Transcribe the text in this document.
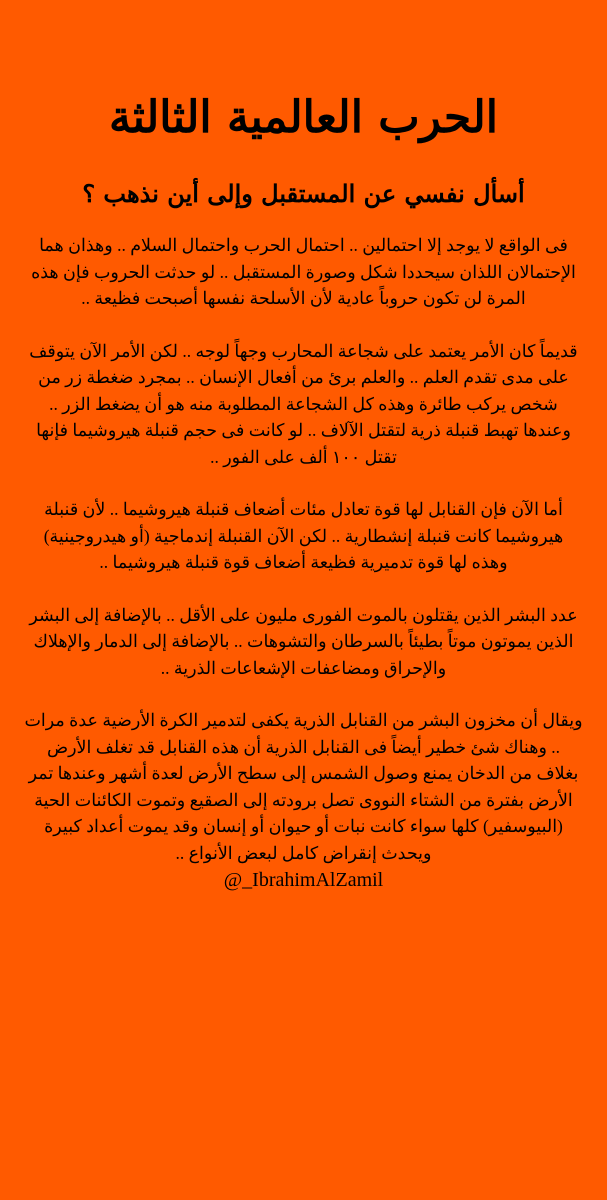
الحرب العالمية الثالثة
أسأل نفسي عن المستقبل وإلى أين نذهب ؟

فى الواقع لا يوجد إلا احتمالين .. احتمال الحرب واحتمال السلام .. وهذان هما الإحتمالان اللذان سيحددا شكل وصورة المستقبل .. لو حدثت الحروب فإن هذه المرة لن تكون حروباً عادية لأن الأسلحة نفسها أصبحت فظيعة ..

قديماً كان الأمر يعتمد على شجاعة المحارب وجهاً لوجه .. لكن الأمر الآن يتوقف على مدى تقدم العلم .. والعلم برئ من أفعال الإنسان .. بمجرد ضغطة زر من شخص يركب طائرة وهذه كل الشجاعة المطلوبة منه هو أن يضغط الزر .. وعندها تهبط قنبلة ذرية لتقتل الآلاف .. لو كانت فى حجم قنبلة هيروشيما فإنها تقتل ١٠٠ ألف على الفور ..

أما الآن فإن القنابل لها قوة تعادل مئات أضعاف قنبلة هيروشيما .. لأن قنبلة هيروشيما كانت قنبلة إنشطارية .. لكن الآن القنبلة إندماجية (أو هيدروجينية) وهذه لها قوة تدميرية فظيعة أضعاف قوة قنبلة هيروشيما ..

عدد البشر الذين يقتلون بالموت الفورى مليون على الأقل .. بالإضافة إلى البشر الذين يموتون موتاً بطيئاً بالسرطان والتشوهات .. بالإضافة إلى الدمار والإهلاك والإحراق ومضاعفات الإشعاعات الذرية ..

ويقال أن مخزون البشر من القنابل الذرية يكفى لتدمير الكرة الأرضية عدة مرات .. وهناك شئ خطير أيضاً فى القنابل الذرية أن هذه القنابل قد تغلف الأرض بغلاف من الدخان يمنع وصول الشمس إلى سطح الأرض لعدة أشهر وعندها تمر الأرض بفترة من الشتاء النووى تصل برودته إلى الصقيع وتموت الكائنات الحية (البيوسفير) كلها سواء كانت نبات أو حيوان أو إنسان وقد يموت أعداد كبيرة ويحدث إنقراض كامل لبعض الأنواع ..

@_IbrahimAlZamil
